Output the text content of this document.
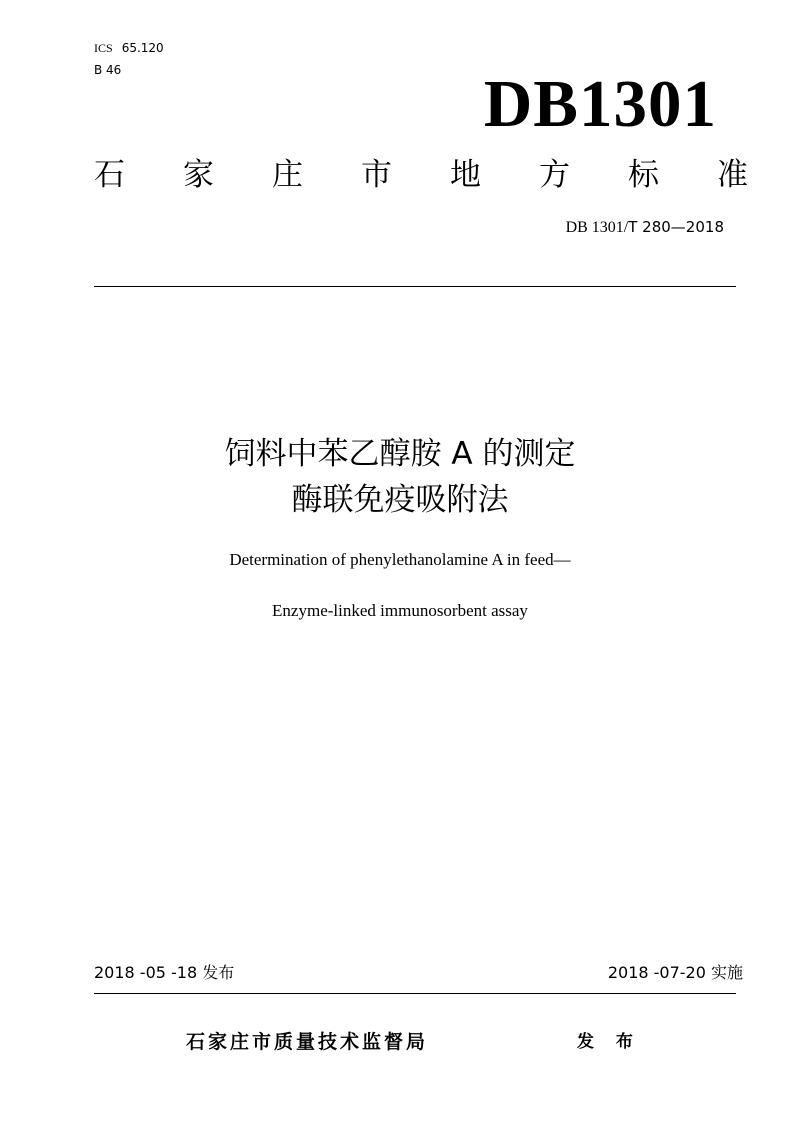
ICS 65.120
B 46	DB1301
石 家 庄 市 地 方 标 准
DB 1301/T 280—2018
饲料中苯乙醇胺 A 的测定
酶联免疫吸附法
Determination of phenylethanolamine A in feed—
Enzyme-linked immunosorbent assay
2018 -05 -18 发布	2018 -07-20 实施
石家庄市质量技术监督局	发 布
